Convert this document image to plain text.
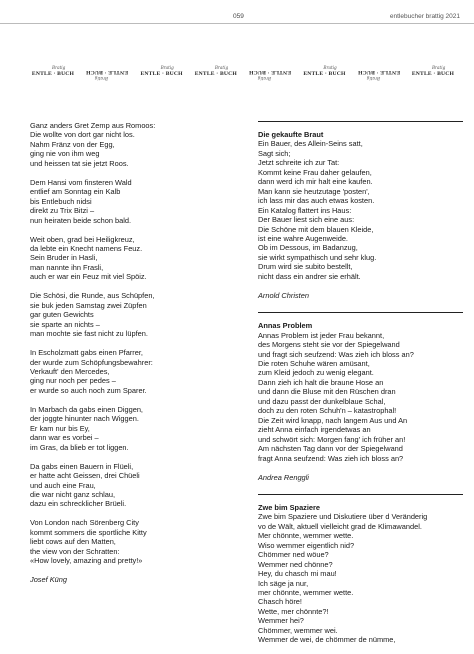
059	entlebucher brattig 2021
Bratig
ENTLE · BUCH
Bratig
ENTLE · BUCH
Bratig
ENTLE · BUCH
Bratig
ENTLE · BUCH
Bratig
ENTLE · BUCH
Bratig
ENTLE · BUCH
Bratig
ENTLE · BUCH
Bratig
ENTLE · BUCH
Ganz anders Gret Zemp aus Romoos:
Die wollte von dort gar nicht los.
Nahm Fränz von der Egg,
ging nie von ihm weg
und heissen tat sie jetzt Roos.
Dem Hansi vom finsteren Wald
entlief am Sonntag ein Kalb
bis Entlebuch nidsi
direkt zu Trix Bitzi –
nun heiraten beide schon bald.
Weit oben, grad bei Heiligkreuz,
da lebte ein Knecht namens Feuz.
Sein Bruder in Hasli,
man nannte ihn Frasli,
auch er war ein Feuz mit viel Spöiz.
Die Schösi, die Runde, aus Schüpfen,
sie buk jeden Samstag zwei Züpfen
gar guten Gewichts
sie sparte an nichts –
man mochte sie fast nicht zu lüpfen.
In Escholzmatt gabs einen Pfarrer,
der wurde zum Schöpfungsbewahrer:
Verkauft' den Mercedes,
ging nur noch per pedes –
er wurde so auch noch zum Sparer.
In Marbach da gabs einen Diggen,
der joggte hinunter nach Wiggen.
Er kam nur bis Ey,
dann war es vorbei –
im Gras, da blieb er tot liggen.
Da gabs einen Bauern in Flüeli,
er hatte acht Geissen, drei Chüeli
und auch eine Frau,
die war nicht ganz schlau,
dazu ein schrecklicher Brüeli.
Von London nach Sörenberg City
kommt sommers die sportliche Kitty
liebt cows auf den Matten,
the view von der Schratten:
«How lovely, amazing and pretty!»
Josef Küng
Die gekaufte Braut
Ein Bauer, des Allein-Seins satt,
Sagt sich;
Jetzt schreite ich zur Tat:
Kommt keine Frau daher gelaufen,
dann werd ich mir halt eine kaufen.
Man kann sie heutzutage 'posten',
ich lass mir das auch etwas kosten.
Ein Katalog flattert ins Haus:
Der Bauer liest sich eine aus:
Die Schöne mit dem blauen Kleide,
ist eine wahre Augenweide.
Ob im Dessous, im Badanzug,
sie wirkt sympathisch und sehr klug.
Drum wird sie subito bestellt,
nicht dass ein andrer sie erhält.
Arnold Christen
Annas Problem
Annas Problem ist jeder Frau bekannt,
des Morgens steht sie vor der Spiegelwand
und fragt sich seufzend: Was zieh ich bloss an?
Die roten Schuhe wären amüsant,
zum Kleid jedoch zu wenig elegant.
Dann zieh ich halt die braune Hose an
und dann die Bluse mit den Rüschen dran
und dazu passt der dunkelblaue Schal,
doch zu den roten Schuh'n – katastrophal!
Die Zeit wird knapp, nach langem Aus und An
zieht Anna einfach irgendetwas an
und schwört sich: Morgen fang' ich früher an!
Am nächsten Tag dann vor der Spiegelwand
fragt Anna seufzend: Was zieh ich bloss an?
Andrea Renggli
Zwe bim Spaziere
Zwe bim Spaziere und Diskutiere über d Veränderig
vo de Wält, aktuell vielleicht grad de Klimawandel.
Mer chönnte, wemmer wette.
Wiso wemmer eigentlich nid?
Chömmer ned wöue?
Wemmer ned chönne?
Hey, du chasch mi mau!
Ich säge ja nur,
mer chönnte, wemmer wette.
Chasch höre!
Wette, mer chönnte?!
Wemmer hei?
Chömmer, wemmer wei.
Wemmer de wei, de chömmer de nümme,
